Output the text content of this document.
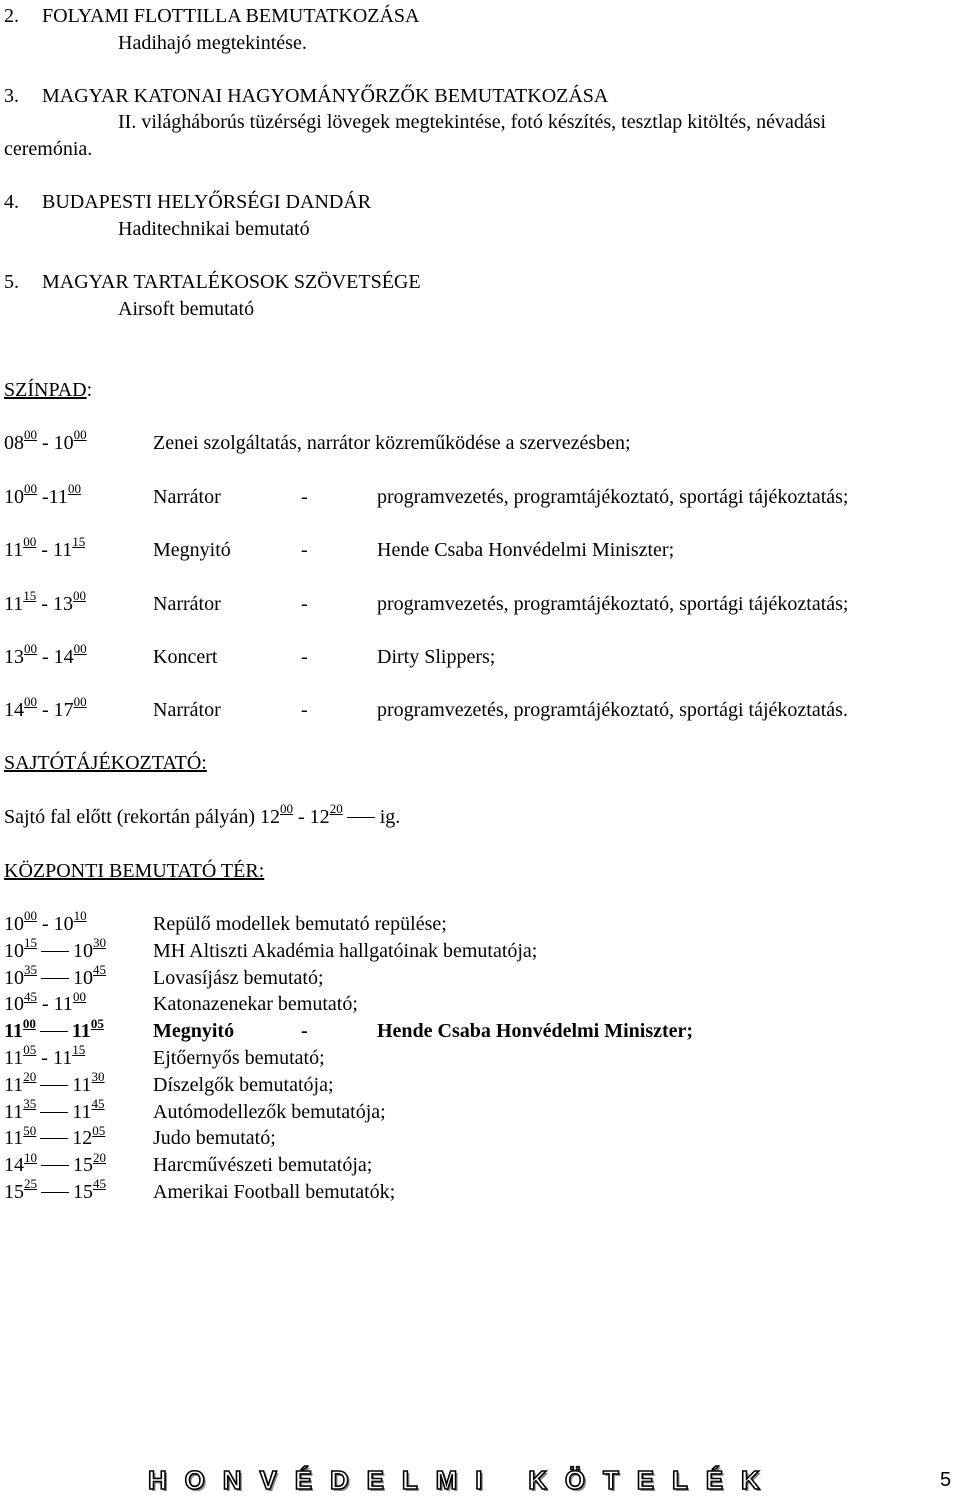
2. FOLYAMI FLOTTILLA BEMUTATKOZÁSA
Hadihajó megtekintése.
3. MAGYAR KATONAI HAGYOMÁNYŐRZŐK BEMUTATKOZÁSA
II. világháborús tüzérségi lövegek megtekintése, fotó készítés, tesztlap kitöltés, névadási
ceremónia.
4. BUDAPESTI HELYŐRSÉGI DANDÁR
Haditechnikai bemutató
5. MAGYAR TARTALÉKOSOK SZÖVETSÉGE
Airsoft bemutató
SZÍNPAD:
$08^{00} - 10^{00}$	Zenei szolgáltatás, narrátor közreműködése a szervezésben;
$10^{00}$ $-11^{00}$	Narrátor	-	programvezetés, programtájékoztató, sportági tájékoztatás;
$11^{00} - 11^{15}$	Megnyitó	-	Hende Csaba Honvédelmi Miniszter;
$11^{15} - 13^{00}$	Narrátor	-	programvezetés, programtájékoztató, sportági tájékoztatás;
$13^{00} - 14^{00}$	Koncert	-	Dirty Slippers;
$14^{00} - 17^{00}$	Narrátor	-	programvezetés, programtájékoztató, sportági tájékoztatás.
SAJTÓTÁJÉKOZTATÓ:
Sajtó fal előtt (rekortán pályán) $12^{00} - 12^{20}$ ig.
KÖZPONTI BEMUTATÓ TÉR:
$10^{00} - 10^{10}$	Repülő modellek bemutató repülése;
$10^{15}$ $10^{30}$ MH Altiszti Akadémia hallgatóinak bemutatója;
$10^{35}$ $10^{45}$ Lovasíjász bemutató;
$10^{45} - 11^{00}$	Katonazenekar bemutató;
$11^{00}$ $11^{05}$ Megnyitó	-	Hende Csaba Honvédelmi Miniszter;
$11^{05} - 11^{15}$	Ejtőernyős bemutató;
$11^{20}$ $11^{30}$ Díszelgők bemutatója;
$11^{35}$ $11^{45}$ Autómodellezők bemutatója;
$11^{50}$ $12^{05}$ Judo bemutató;
$14^{10}$ $15^{20}$ Harcművészeti bemutatója;
$15^{25}$ $15^{45}$ Amerikai Football bemutatók;
H O N V É D E L M I K Ö T E L É K	5
